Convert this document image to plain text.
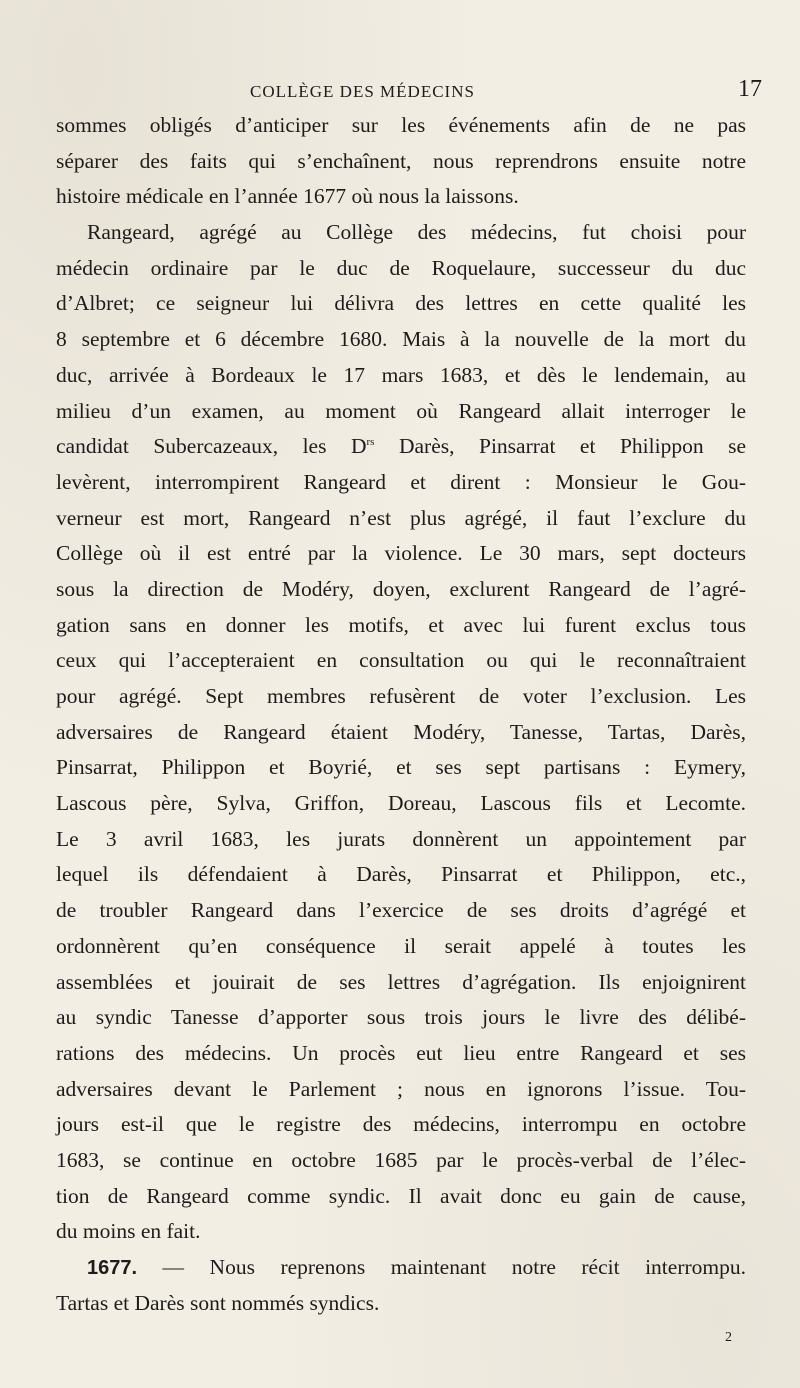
COLLÈGE DES MÉDECINS	17
sommes obligés d’anticiper sur les événements afin de ne pas
séparer des faits qui s’enchaînent, nous reprendrons ensuite notre
histoire médicale en l’année 1677 où nous la laissons.
Rangeard, agrégé au Collège des médecins, fut choisi pour
médecin ordinaire par le duc de Roquelaure, successeur du duc
d’Albret; ce seigneur lui délivra des lettres en cette qualité les
8 septembre et 6 décembre 1680. Mais à la nouvelle de la mort du
duc, arrivée à Bordeaux le 17 mars 1683, et dès le lendemain, au
milieu d’un examen, au moment où Rangeard allait interroger le
candidat Subercazeaux, les $D^{rs}$ Darès, Pinsarrat et Philippon se
levèrent, interrompirent Rangeard et dirent : Monsieur le Gou-
verneur est mort, Rangeard n’est plus agrégé, il faut l’exclure du
Collège où il est entré par la violence. Le 30 mars, sept docteurs
sous la direction de Modéry, doyen, exclurent Rangeard de l’agré-
gation sans en donner les motifs, et avec lui furent exclus tous
ceux qui l’accepteraient en consultation ou qui le reconnaîtraient
pour agrégé. Sept membres refusèrent de voter l’exclusion. Les
adversaires de Rangeard étaient Modéry, Tanesse, Tartas, Darès,
Pinsarrat, Philippon et Boyrié, et ses sept partisans : Eymery,
Lascous père, Sylva, Griffon, Doreau, Lascous fils et Lecomte.
Le 3 avril 1683, les jurats donnèrent un appointement par
lequel ils défendaient à Darès, Pinsarrat et Philippon, etc.,
de troubler Rangeard dans l’exercice de ses droits d’agrégé et
ordonnèrent qu’en conséquence il serait appelé à toutes les
assemblées et jouirait de ses lettres d’agrégation. Ils enjoignirent
au syndic Tanesse d’apporter sous trois jours le livre des délibé-
rations des médecins. Un procès eut lieu entre Rangeard et ses
adversaires devant le Parlement ; nous en ignorons l’issue. Tou-
jours est-il que le registre des médecins, interrompu en octobre
1683, se continue en octobre 1685 par le procès-verbal de l’élec-
tion de Rangeard comme syndic. Il avait donc eu gain de cause,
du moins en fait.
1677. — Nous reprenons maintenant notre récit interrompu.
Tartas et Darès sont nommés syndics.
2
